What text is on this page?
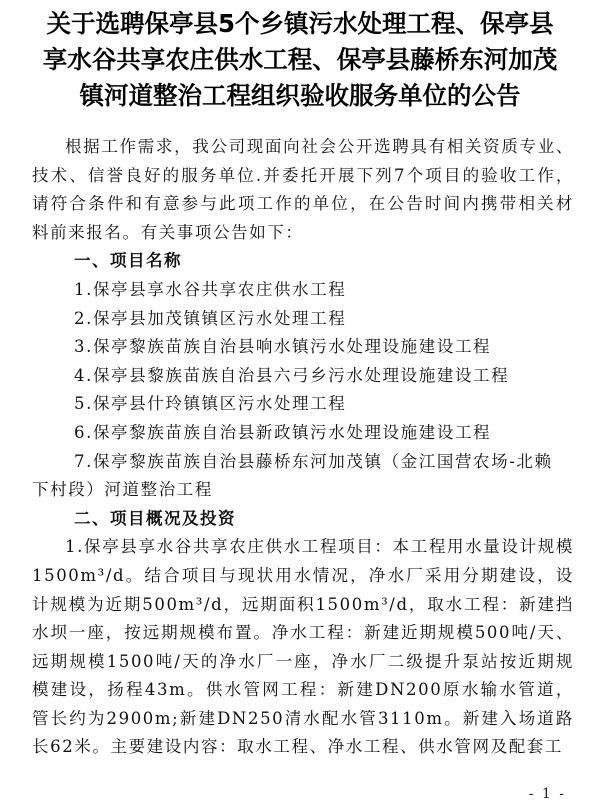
关于选聘保亭县5个乡镇污水处理工程、保亭县
享水谷共享农庄供水工程、保亭县藤桥东河加茂
镇河道整治工程组织验收服务单位的公告

根据工作需求，我公司现面向社会公开选聘具有相关资质专业、技术、信誉良好的服务单位.并委托开展下列7个项目的验收工作，请符合条件和有意参与此项工作的单位，在公告时间内携带相关材料前来报名。有关事项公告如下：

一、项目名称

1.保亭县享水谷共享农庄供水工程

2.保亭县加茂镇镇区污水处理工程

3.保亭黎族苗族自治县响水镇污水处理设施建设工程

4.保亭县黎族苗族自治县六弓乡污水处理设施建设工程

5.保亭县什玲镇镇区污水处理工程

6.保亭黎族苗族自治县新政镇污水处理设施建设工程

7.保亭黎族苗族自治县藤桥东河加茂镇（金江国营农场-北赖
下村段）河道整治工程

二、项目概况及投资

1.保亭县享水谷共享农庄供水工程项目：本工程用水量设计规模1500m³/d。结合项目与现状用水情况，净水厂采用分期建设，设计规模为近期500m³/d，远期面积1500m³/d，取水工程：新建挡水坝一座，按远期规模布置。净水工程：新建近期规模500吨/天、远期规模1500吨/天的净水厂一座，净水厂二级提升泵站按近期规模建设，扬程43m。供水管网工程：新建DN200原水输水管道，管长约为2900m;新建DN250清水配水管3110m。新建入场道路长62米。主要建设内容：取水工程、净水工程、供水管网及配套工

- 1 -
